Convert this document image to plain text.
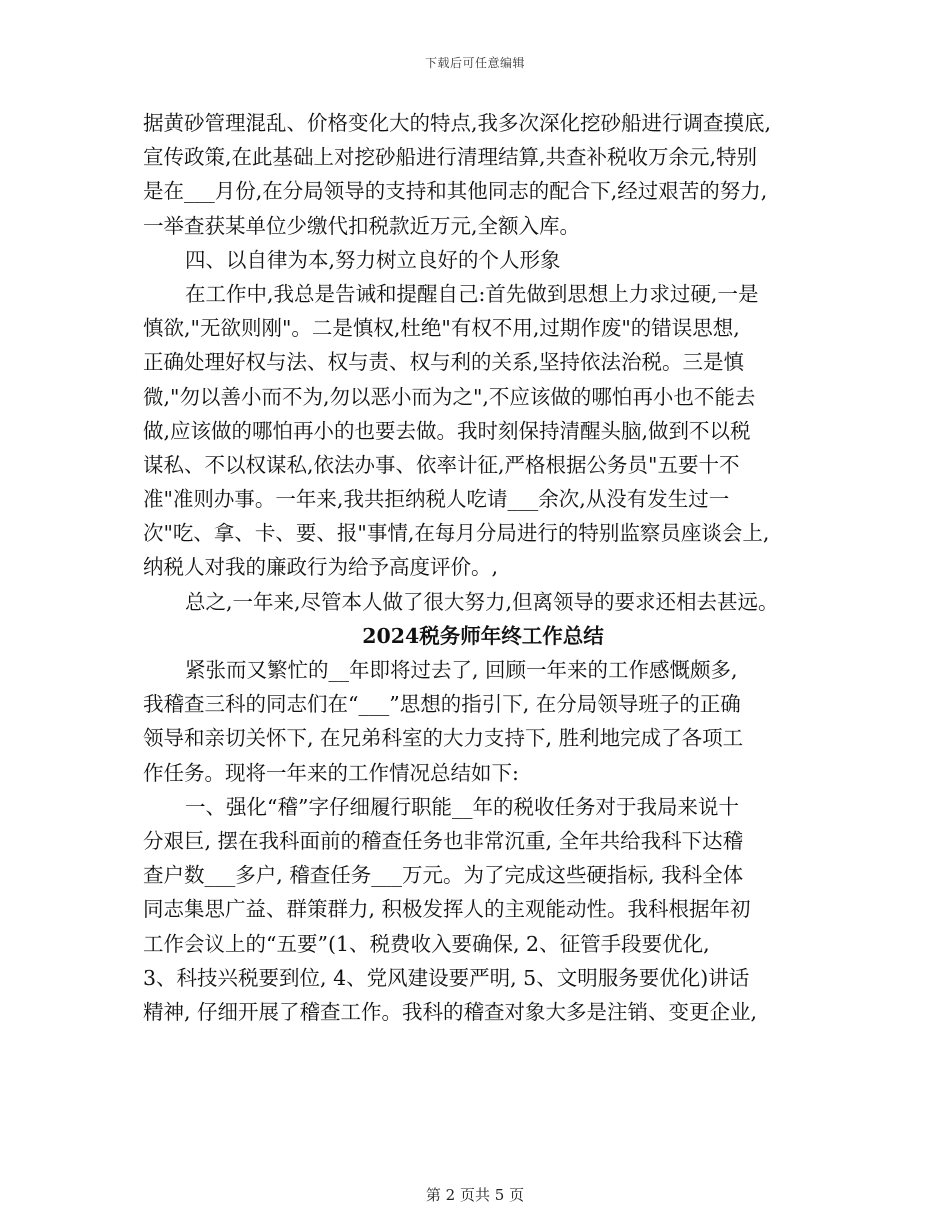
下载后可任意编辑
据黄砂管理混乱、价格变化大的特点,我多次深化挖砂船进行调查摸底,
宣传政策,在此基础上对挖砂船进行清理结算,共查补税收万余元,特别
是在___月份,在分局领导的支持和其他同志的配合下,经过艰苦的努力,
一举查获某单位少缴代扣税款近万元,全额入库。
四、以自律为本,努力树立良好的个人形象
在工作中,我总是告诫和提醒自己:首先做到思想上力求过硬,一是
慎欲,"无欲则刚"。二是慎权,杜绝"有权不用,过期作废"的错误思想,
正确处理好权与法、权与责、权与利的关系,坚持依法治税。三是慎
微,"勿以善小而不为,勿以恶小而为之",不应该做的哪怕再小也不能去
做,应该做的哪怕再小的也要去做。我时刻保持清醒头脑,做到不以税
谋私、不以权谋私,依法办事、依率计征,严格根据公务员"五要十不
准"准则办事。一年来,我共拒纳税人吃请___余次,从没有发生过一
次"吃、拿、卡、要、报"事情,在每月分局进行的特别监察员座谈会上,
纳税人对我的廉政行为给予高度评价。,
总之,一年来,尽管本人做了很大努力,但离领导的要求还相去甚远。
2024税务师年终工作总结
紧张而又繁忙的__年即将过去了, 回顾一年来的工作感慨颇多,
我稽查三科的同志们在“___”思想的指引下, 在分局领导班子的正确
领导和亲切关怀下, 在兄弟科室的大力支持下, 胜利地完成了各项工
作任务。现将一年来的工作情况总结如下:
一、强化“稽”字仔细履行职能__年的税收任务对于我局来说十
分艰巨, 摆在我科面前的稽查任务也非常沉重, 全年共给我科下达稽
查户数___多户, 稽查任务___万元。为了完成这些硬指标, 我科全体
同志集思广益、群策群力, 积极发挥人的主观能动性。我科根据年初
工作会议上的“五要”(1、税费收入要确保, 2、征管手段要优化,
3、科技兴税要到位, 4、党风建设要严明, 5、文明服务要优化)讲话
精神, 仔细开展了稽查工作。我科的稽查对象大多是注销、变更企业,
第 2 页共 5 页
